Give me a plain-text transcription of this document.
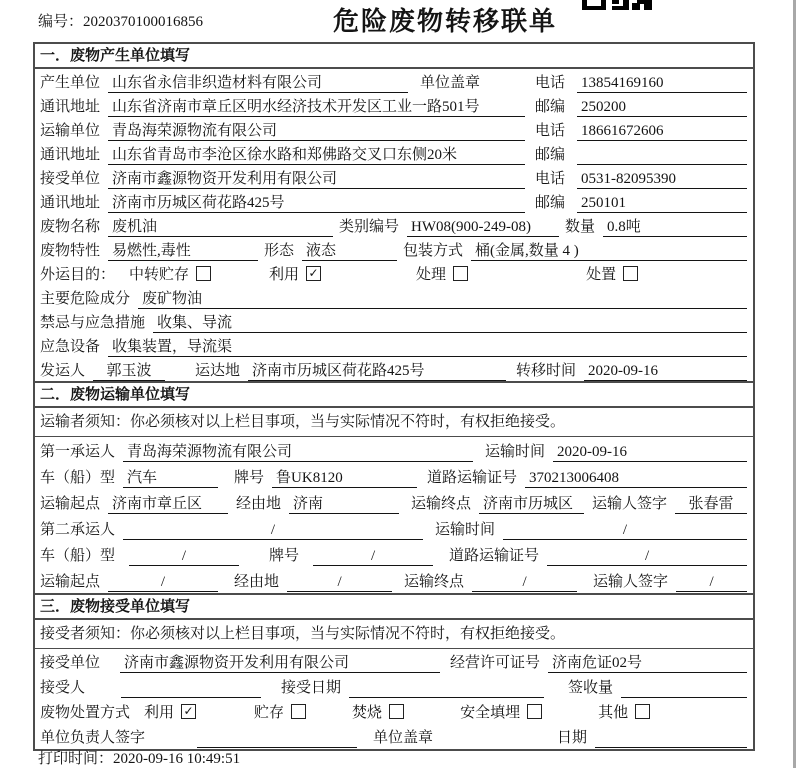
编号：2020370100016856	危险废物转移联单
一．废物产生单位填写
产生单位 山东省永信非织造材料有限公司	单位盖章	电话 13854169160
通讯地址 山东省济南市章丘区明水经济技术开发区工业一路501号	邮编 250200
运输单位 青岛海荣源物流有限公司	电话 18661672606
通讯地址 山东省青岛市李沧区徐水路和郑佛路交叉口东侧20米	邮编
接受单位 济南市鑫源物资开发利用有限公司	电话 0531-82095390
通讯地址 济南市历城区荷花路425号	邮编 250101
废物名称 废机油	类别编号 HW08(900-249-08)	数量 0.8吨
废物特性 易燃性,毒性	形态 液态	包装方式 桶(金属,数量 4 )
外运目的： 中转贮存	利用 ✓	处理	处置
主要危险成分 废矿物油
禁忌与应急措施 收集、导流
应急设备 收集装置，导流渠
发运人	郭玉波	运达地 济南市历城区荷花路425号	转移时间 2020-09-16
二．废物运输单位填写
运输者须知：你必须核对以上栏目事项，当与实际情况不符时，有权拒绝接受。
第一承运人 青岛海荣源物流有限公司	运输时间 2020-09-16
车（船）型 汽车	牌号 鲁UK8120	道路运输证号 370213006408
运输起点 济南市章丘区	经由地 济南	运输终点 济南市历城区	运输人签字	张春雷
第二承运人	/	运输时间	/
车（船）型	/	牌号	/	道路运输证号	/
运输起点	/	经由地	/	运输终点	/	运输人签字	/
三．废物接受单位填写
接受者须知：你必须核对以上栏目事项，当与实际情况不符时，有权拒绝接受。
接受单位 济南市鑫源物资开发利用有限公司	经营许可证号 济南危证02号
接受人	接受日期	签收量
废物处置方式 利用 ✓	贮存	焚烧	安全填埋	其他
单位负责人签字	单位盖章	日期
打印时间：2020-09-16 10:49:51
